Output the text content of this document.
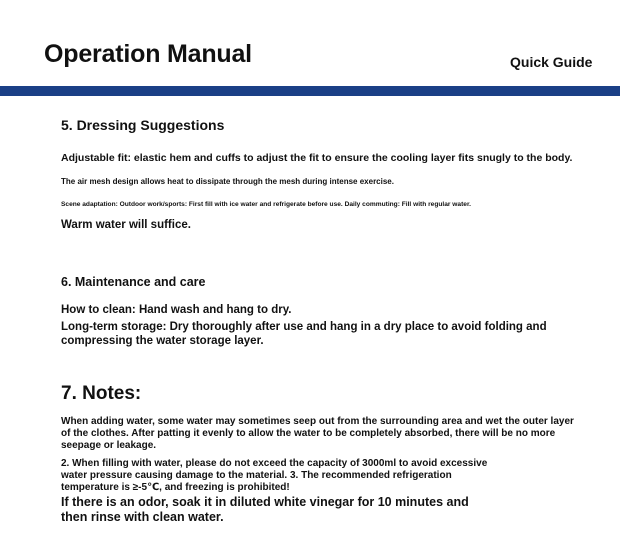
Operation Manual	Quick Guide
5. Dressing Suggestions

Adjustable fit: elastic hem and cuffs to adjust the fit to ensure the cooling layer fits snugly to the body.

The air mesh design allows heat to dissipate through the mesh during intense exercise.

Scene adaptation: Outdoor work/sports: First fill with ice water and refrigerate before use. Daily commuting: Fill with regular water.

Warm water will suffice.

6. Maintenance and care

How to clean: Hand wash and hang to dry.

Long-term storage: Dry thoroughly after use and hang in a dry place to avoid folding and

compressing the water storage layer.

7. Notes:

When adding water, some water may sometimes seep out from the surrounding area and wet the outer layer

of the clothes. After patting it evenly to allow the water to be completely absorbed, there will be no more

seepage or leakage.

2. When filling with water, please do not exceed the capacity of 3000ml to avoid excessive

water pressure causing damage to the material. 3. The recommended refrigeration

temperature is ≥-5℃, and freezing is prohibited!

If there is an odor, soak it in diluted white vinegar for 10 minutes and

then rinse with clean water.
